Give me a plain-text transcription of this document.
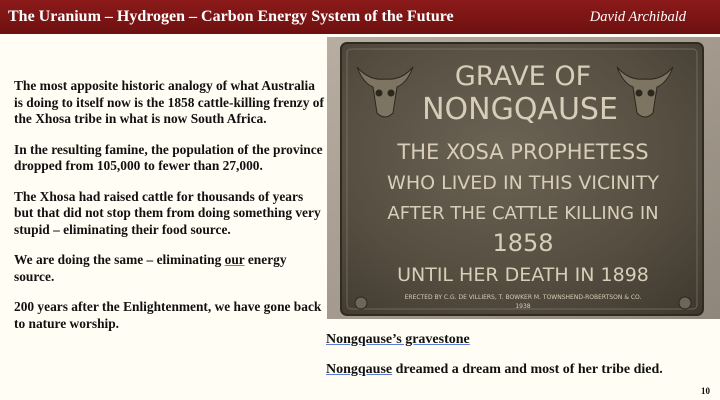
The Uranium – Hydrogen – Carbon Energy System of the Future	David Archibald

The most apposite historic analogy of what Australia is doing to itself now is the 1858 cattle-killing frenzy of the Xhosa tribe in what is now South Africa.

In the resulting famine, the population of the province dropped from 105,000 to fewer than 27,000.

The Xhosa had raised cattle for thousands of years but that did not stop them from doing something very stupid – eliminating their food source.

We are doing the same – eliminating our energy source.

200 years after the Enlightenment, we have gone back to nature worship.

GRAVE OF
NONGQAUSE
THE XOSA PROPHETESS
WHO LIVED IN THIS VICINITY
AFTER THE CATTLE KILLING IN
1858
UNTIL HER DEATH IN 1898
ERECTED BY C.G. DE VILLIERS, T. BOWKER M. TOWNSHEND-ROBERTSON & CO.
1938
Nongqause’s gravestone
Nongqause dreamed a dream and most of her tribe died.
10
